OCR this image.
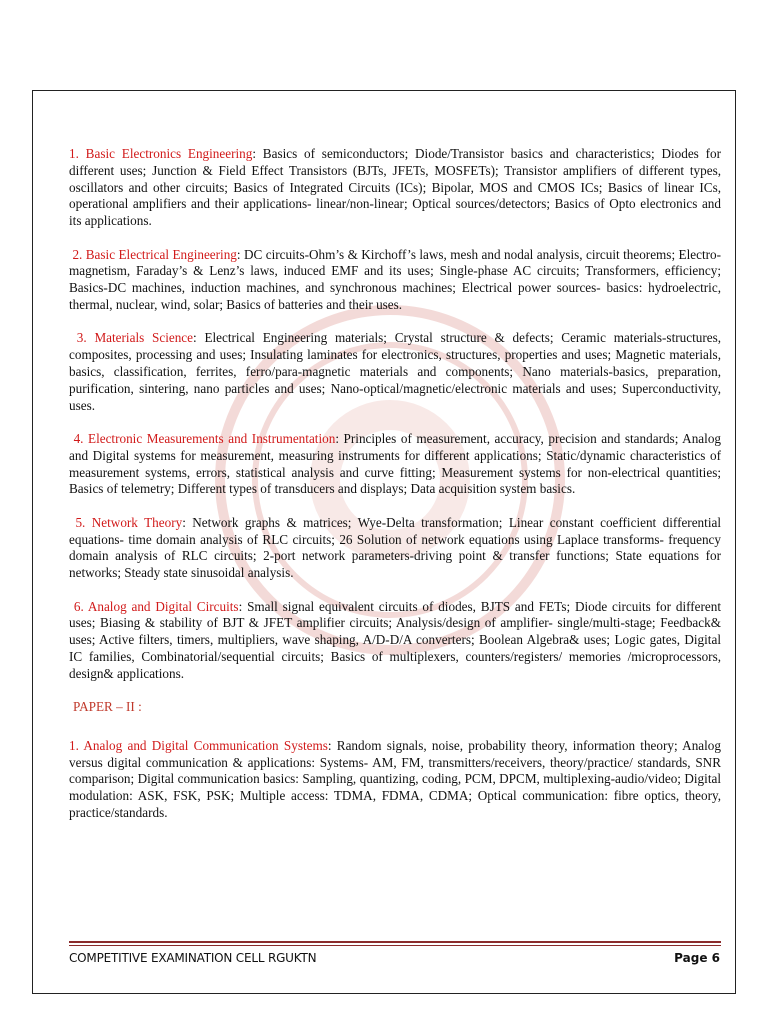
1. Basic Electronics Engineering: Basics of semiconductors; Diode/Transistor basics and characteristics; Diodes for different uses; Junction & Field Effect Transistors (BJTs, JFETs, MOSFETs); Transistor amplifiers of different types, oscillators and other circuits; Basics of Integrated Circuits (ICs); Bipolar, MOS and CMOS ICs; Basics of linear ICs, operational amplifiers and their applications- linear/non-linear; Optical sources/detectors; Basics of Opto electronics and its applications.

2. Basic Electrical Engineering: DC circuits-Ohm’s & Kirchoff’s laws, mesh and nodal analysis, circuit theorems; Electro-magnetism, Faraday’s & Lenz’s laws, induced EMF and its uses; Single-phase AC circuits; Transformers, efficiency; Basics-DC machines, induction machines, and synchronous machines; Electrical power sources- basics: hydroelectric, thermal, nuclear, wind, solar; Basics of batteries and their uses.

3. Materials Science: Electrical Engineering materials; Crystal structure & defects; Ceramic materials-structures, composites, processing and uses; Insulating laminates for electronics, structures, properties and uses; Magnetic materials, basics, classification, ferrites, ferro/para-magnetic materials and components; Nano materials-basics, preparation, purification, sintering, nano particles and uses; Nano-optical/magnetic/electronic materials and uses; Superconductivity, uses.

4. Electronic Measurements and Instrumentation: Principles of measurement, accuracy, precision and standards; Analog and Digital systems for measurement, measuring instruments for different applications; Static/dynamic characteristics of measurement systems, errors, statistical analysis and curve fitting; Measurement systems for non-electrical quantities; Basics of telemetry; Different types of transducers and displays; Data acquisition system basics.

5. Network Theory: Network graphs & matrices; Wye-Delta transformation; Linear constant coefficient differential equations- time domain analysis of RLC circuits; 26 Solution of network equations using Laplace transforms- frequency domain analysis of RLC circuits; 2-port network parameters-driving point & transfer functions; State equations for networks; Steady state sinusoidal analysis.

6. Analog and Digital Circuits: Small signal equivalent circuits of diodes, BJTS and FETs; Diode circuits for different uses; Biasing & stability of BJT & JFET amplifier circuits; Analysis/design of amplifier- single/multi-stage; Feedback& uses; Active filters, timers, multipliers, wave shaping, A/D-D/A converters; Boolean Algebra& uses; Logic gates, Digital IC families, Combinatorial/sequential circuits; Basics of multiplexers, counters/registers/ memories /microprocessors, design& applications.

PAPER – II :

1. Analog and Digital Communication Systems: Random signals, noise, probability theory, information theory; Analog versus digital communication & applications: Systems- AM, FM, transmitters/receivers, theory/practice/ standards, SNR comparison; Digital communication basics: Sampling, quantizing, coding, PCM, DPCM, multiplexing-audio/video; Digital modulation: ASK, FSK, PSK; Multiple access: TDMA, FDMA, CDMA; Optical communication: fibre optics, theory, practice/standards.

COMPETITIVE EXAMINATION CELL RGUKTN	Page 6
